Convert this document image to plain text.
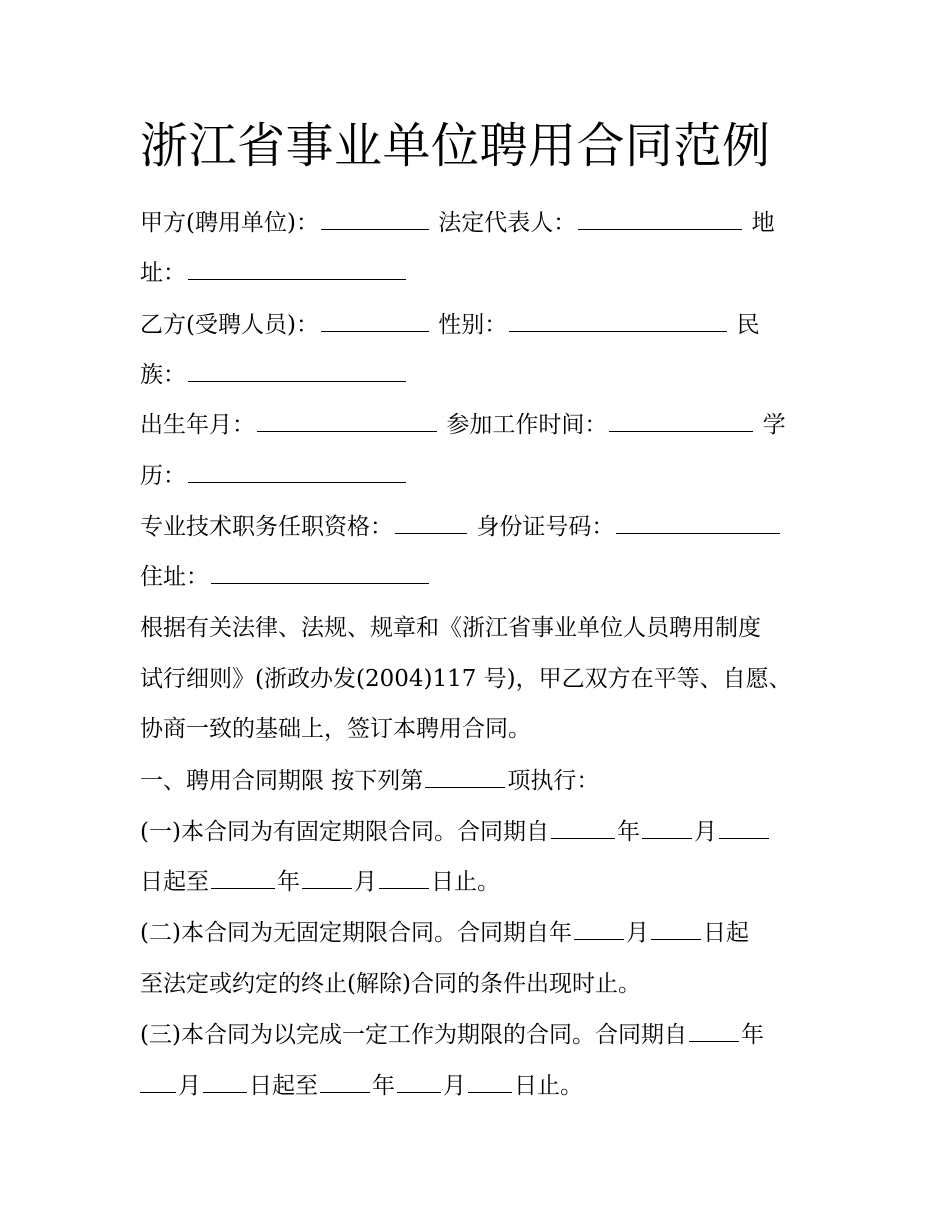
浙江省事业单位聘用合同范例
甲方(聘用单位)：	法定代表人：	地
址：
乙方(受聘人员)：	性别：	民
族：
出生年月：	参加工作时间：	学
历：
专业技术职务任职资格：	身份证号码：
住址：
根据有关法律、法规、规章和《浙江省事业单位人员聘用制度
试行细则》(浙政办发(2004)117 号)，甲乙双方在平等、自愿、
协商一致的基础上，签订本聘用合同。
一、聘用合同期限 按下列第	项执行：
(一)本合同为有固定期限合同。合同期自	年 月
日起至	年 月 日止。
(二)本合同为无固定期限合同。合同期自年 月 日起
至法定或约定的终止(解除)合同的条件出现时止。
(三)本合同为以完成一定工作为期限的合同。合同期自 年
月 日起至 年 月 日止。
